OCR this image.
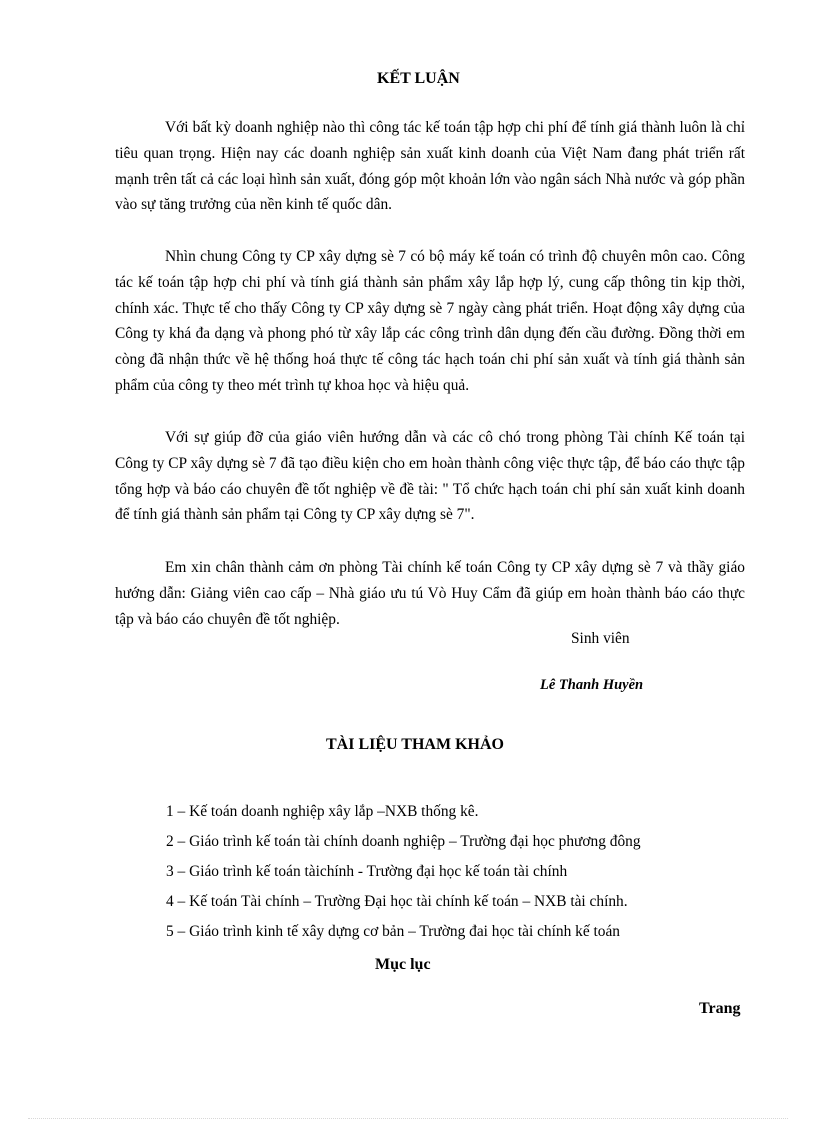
KẾT LUẬN

Với bất kỳ doanh nghiệp nào thì công tác kế toán tập hợp chi phí để tính giá thành luôn là chỉ tiêu quan trọng. Hiện nay các doanh nghiệp sản xuất kinh doanh của Việt Nam đang phát triển rất mạnh trên tất cả các loại hình sản xuất, đóng góp một khoản lớn vào ngân sách Nhà nước và góp phần vào sự tăng trưởng của nền kinh tế quốc dân.

Nhìn chung Công ty CP xây dựng sè 7 có bộ máy kế toán có trình độ chuyên môn cao. Công tác kế toán tập hợp chi phí và tính giá thành sản phẩm xây lắp hợp lý, cung cấp thông tin kịp thời, chính xác. Thực tế cho thấy Công ty CP xây dựng sè 7 ngày càng phát triển. Hoạt động xây dựng của Công ty khá đa dạng và phong phó từ xây lắp các công trình dân dụng đến cầu đường. Đồng thời em còng đã nhận thức về hệ thống hoá thực tế công tác hạch toán chi phí sản xuất và tính giá thành sản phẩm của công ty theo mét trình tự khoa học và hiệu quả.

Với sự giúp đỡ của giáo viên hướng dẫn và các cô chó trong phòng Tài chính Kế toán tại Công ty CP xây dựng sè 7 đã tạo điều kiện cho em hoàn thành công việc thực tập, để báo cáo thực tập tổng hợp và báo cáo chuyên đề tốt nghiệp về đề tài: " Tổ chức hạch toán chi phí sản xuất kinh doanh để tính giá thành sản phẩm tại Công ty CP xây dựng sè 7".

Em xin chân thành cảm ơn phòng Tài chính kế toán Công ty CP xây dựng sè 7 và thầy giáo hướng dẫn: Giảng viên cao cấp – Nhà giáo ưu tú Vò Huy Cẩm đã giúp em hoàn thành báo cáo thực tập và báo cáo chuyên đề tốt nghiệp.

Sinh viên
Lê Thanh Huyền
TÀI LIỆU THAM KHẢO
1 – Kế toán doanh nghiệp xây lắp –NXB thống kê.
2 – Giáo trình kế toán tài chính doanh nghiệp – Trường đại học phương đông
3 – Giáo trình kế toán tàichính - Trường đại học kế toán tài chính
4 – Kế toán Tài chính – Trường Đại học tài chính kế toán – NXB tài chính.
5 – Giáo trình kinh tế xây dựng cơ bản – Trường đai học tài chính kế toán
Mục lục
Trang
